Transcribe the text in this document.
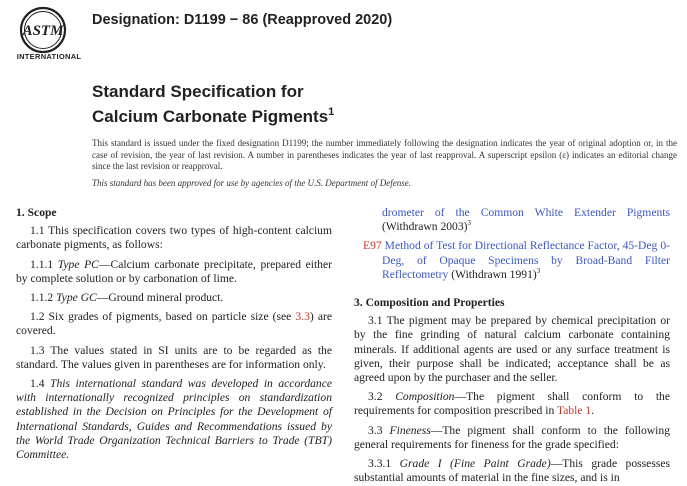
ASTM
INTERNATIONAL
Designation: D1199 − 86 (Reapproved 2020)
Standard Specification for
Calcium Carbonate Pigments$^1$
This standard is issued under the fixed designation D1199; the number immediately following the designation indicates the year of original adoption or, in the case of revision, the year of last revision. A number in parentheses indicates the year of last reapproval. A superscript epsilon (ε) indicates an editorial change since the last revision or reapproval.
This standard has been approved for use by agencies of the U.S. Department of Defense.
1. Scope
1.1 This specification covers two types of high-content calcium carbonate pigments, as follows:
1.1.1 Type PC—Calcium carbonate precipitate, prepared either by complete solution or by carbonation of lime.
1.1.2 Type GC—Ground mineral product.
1.2 Six grades of pigments, based on particle size (see 3.3) are covered.
1.3 The values stated in SI units are to be regarded as the standard. The values given in parentheses are for information only.
1.4 This international standard was developed in accordance with internationally recognized principles on standardization established in the Decision on Principles for the Development of International Standards, Guides and Recommendations issued by the World Trade Organization Technical Barriers to Trade (TBT) Committee.
drometer of the Common White Extender Pigments (Withdrawn 2003)$^3$
E97 Method of Test for Directional Reflectance Factor, 45-Deg 0-Deg, of Opaque Specimens by Broad-Band Filter Reflectometry (Withdrawn 1991)$^3$
3. Composition and Properties
3.1 The pigment may be prepared by chemical precipitation or by the fine grinding of natural calcium carbonate containing minerals. If additional agents are used or any surface treatment is given, their purpose shall be indicated; acceptance shall be as agreed upon by the purchaser and the seller.
3.2 Composition—The pigment shall conform to the requirements for composition prescribed in Table 1.
3.3 Fineness—The pigment shall conform to the following general requirements for fineness for the grade specified:
3.3.1 Grade I (Fine Paint Grade)—This grade possesses substantial amounts of material in the fine sizes, and is in
